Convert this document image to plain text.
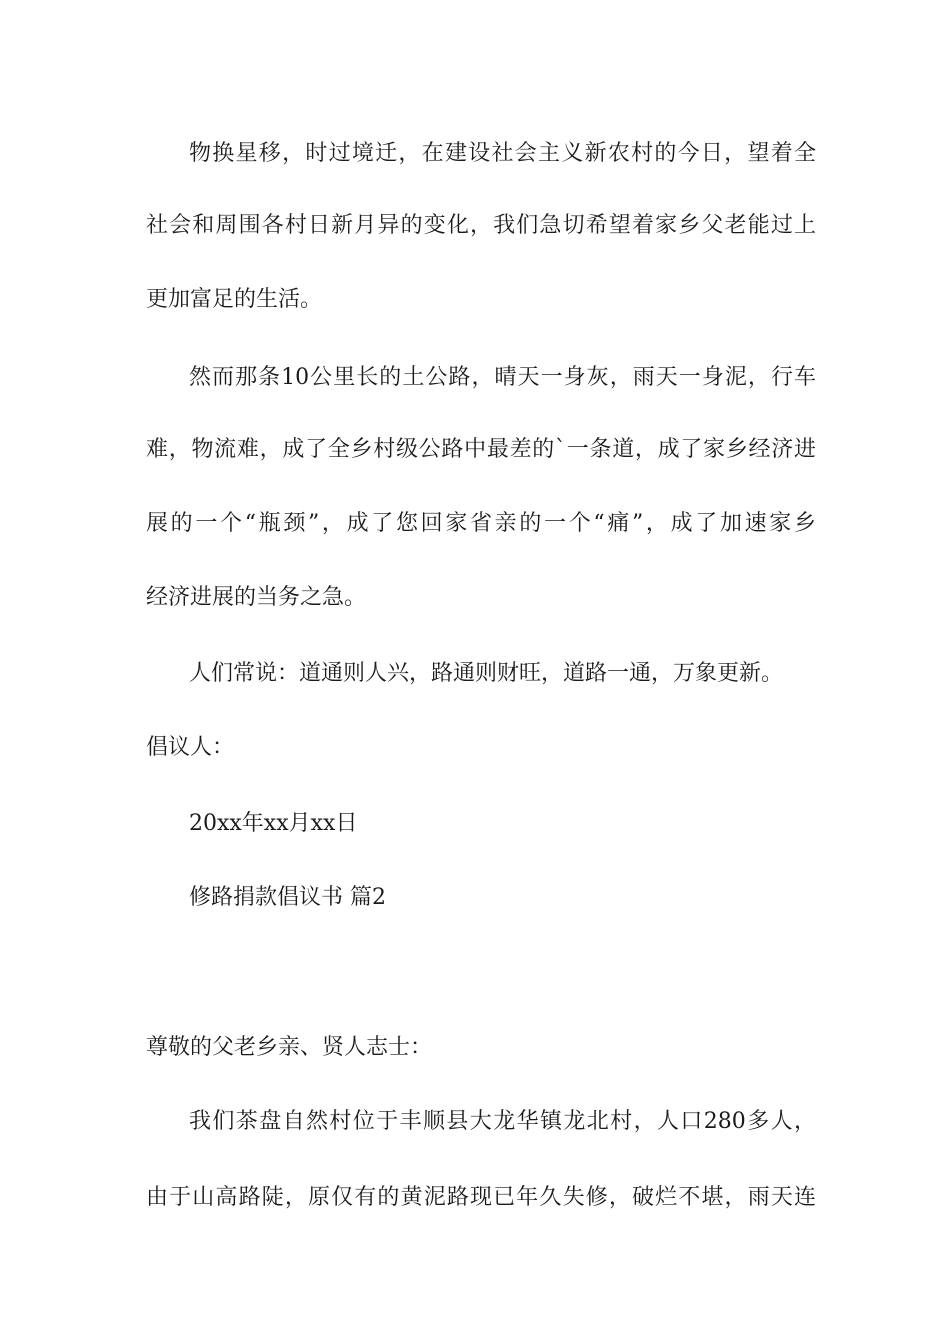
物换星移，时过境迁，在建设社会主义新农村的今日，望着全
社会和周围各村日新月异的变化，我们急切希望着家乡父老能过上
更加富足的生活。
然而那条10公里长的土公路，晴天一身灰，雨天一身泥，行车
难，物流难，成了全乡村级公路中最差的`一条道，成了家乡经济进
展的一个“瓶颈”，成了您回家省亲的一个“痛”，成了加速家乡
经济进展的当务之急。
人们常说：道通则人兴，路通则财旺，道路一通，万象更新。
倡议人：
20xx年xx月xx日
修路捐款倡议书 篇2
尊敬的父老乡亲、贤人志士：
我们茶盘自然村位于丰顺县大龙华镇龙北村，人口280多人，
由于山高路陡，原仅有的黄泥路现已年久失修，破烂不堪，雨天连
